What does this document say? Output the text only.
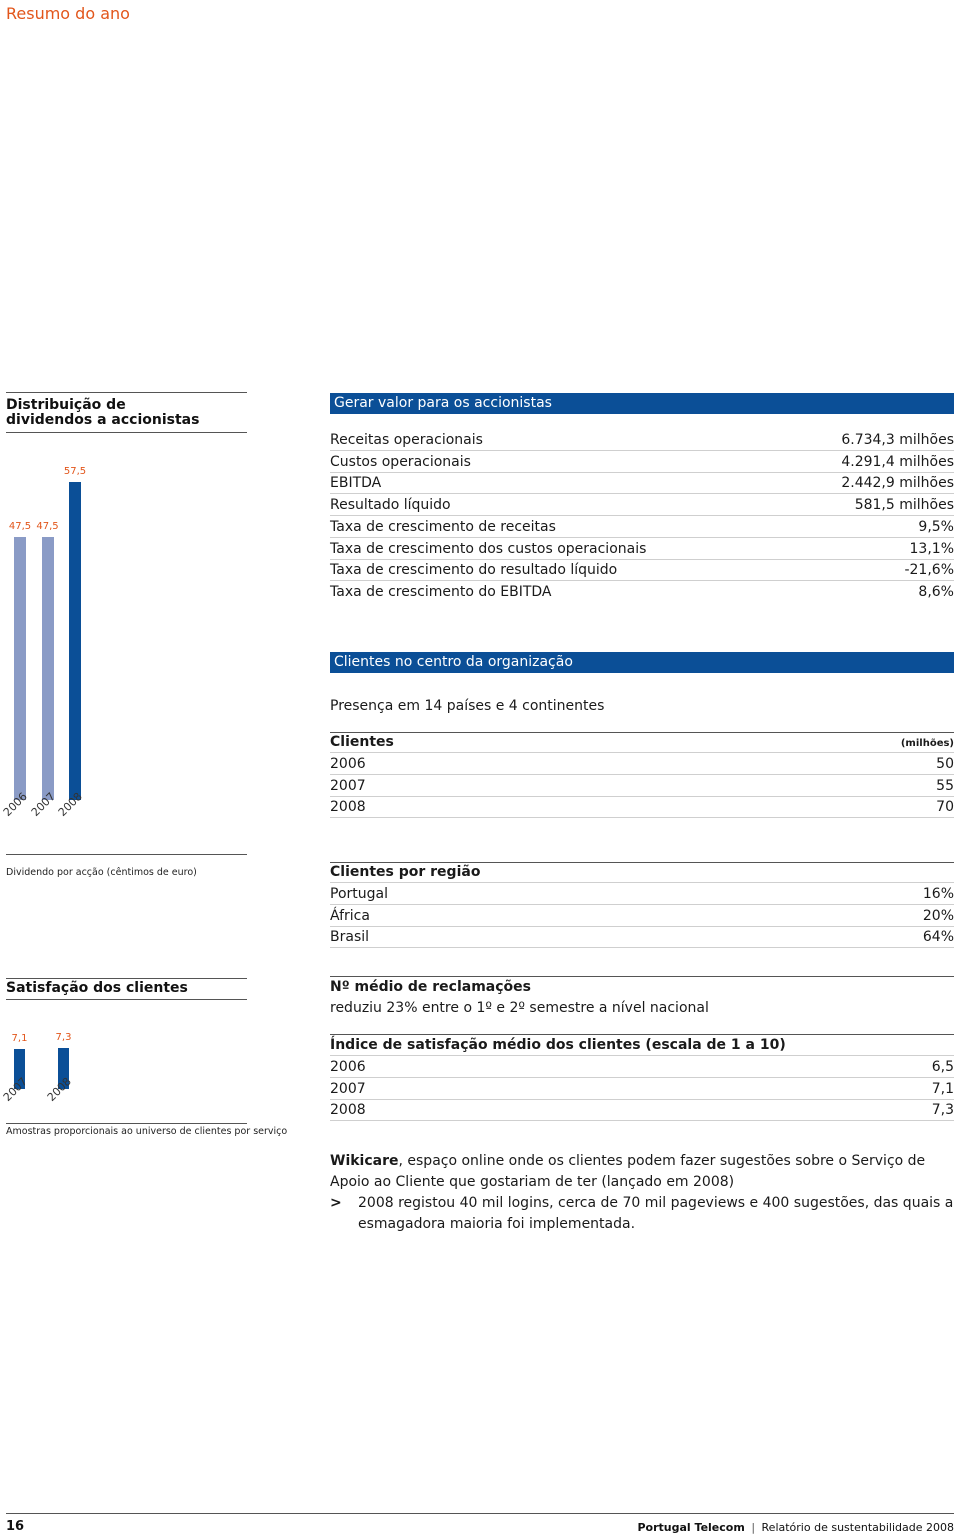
Resumo do ano
Distribuição de dividendos a accionistas
47,5
2006
47,5
2007
57,5
2008
Dividendo por acção (cêntimos de euro)
Satisfação dos clientes
7,1
2007
7,3
2008
Amostras proporcionais ao universo de clientes por serviço
Gerar valor para os accionistas
Receitas operacionais	6.734,3 milhões
Custos operacionais	4.291,4 milhões
EBITDA	2.442,9 milhões
Resultado líquido	581,5 milhões
Taxa de crescimento de receitas	9,5%
Taxa de crescimento dos custos operacionais	13,1%
Taxa de crescimento do resultado líquido	-21,6%
Taxa de crescimento do EBITDA	8,6%
Clientes no centro da organização
Presença em 14 países e 4 continentes
Clientes	(milhões)
2006	50
2007	55
2008	70
Clientes por região
Portugal	16%
África	20%
Brasil	64%
Nº médio de reclamações
reduziu 23% entre o 1º e 2º semestre a nível nacional
Índice de satisfação médio dos clientes (escala de 1 a 10)
2006	6,5
2007	7,1
2008	7,3
Wikicare, espaço online onde os clientes podem fazer sugestões sobre o Serviço de Apoio ao Cliente que gostariam de ter (lançado em 2008)
> 2008 registou 40 mil logins, cerca de 70 mil pageviews e 400 sugestões, das quais a esmagadora maioria foi implementada.
16	Portugal Telecom | Relatório de sustentabilidade 2008
